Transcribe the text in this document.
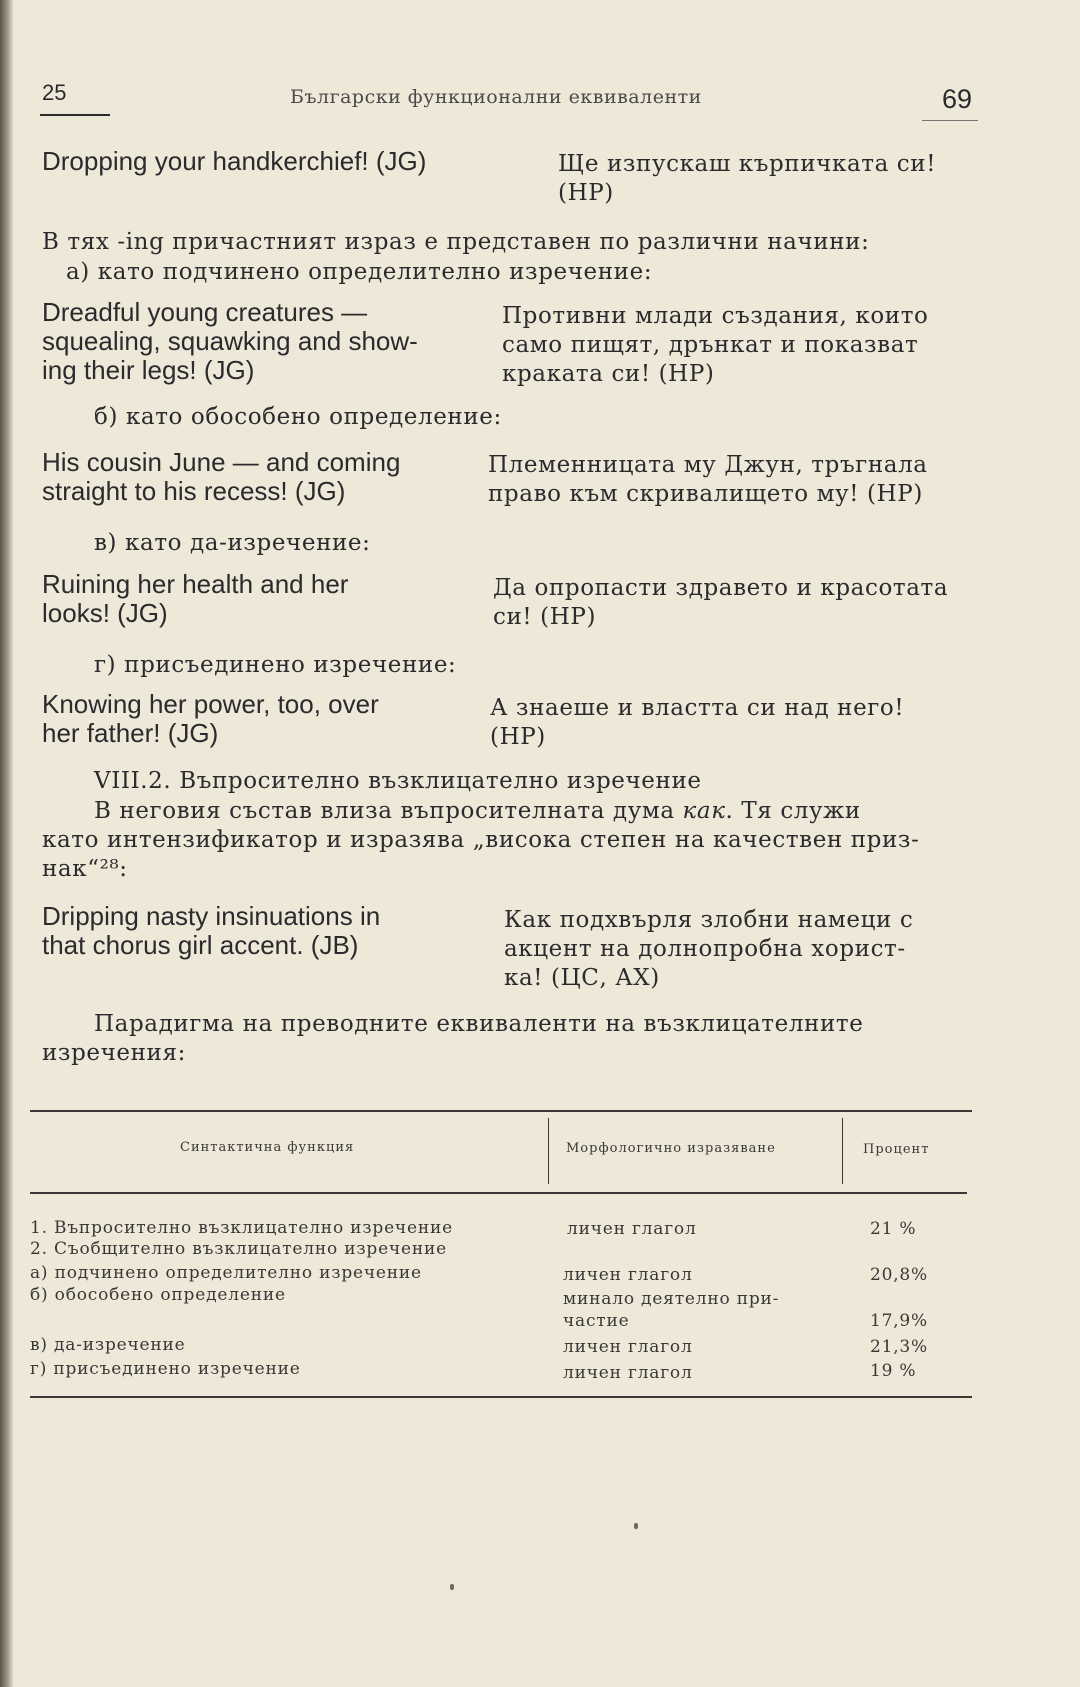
25	Български функционални еквиваленти	69
Dropping your handkerchief! (JG)	Ще изпускаш кърпичката си!
(НР)
В тях -ing причастният израз е представен по различни начини:
а) като подчинено определително изречение:
Dreadful young creatures —
squealing, squawking and show-
ing their legs! (JG)
Противни млади създания, които
само пищят, дрънкат и показват
краката си! (НР)
б) като обособено определение:
His cousin June — and coming
straight to his recess! (JG)
Племенницата му Джун, тръгнала
право към скривалището му! (НР)
в) като да-изречение:
Ruining her health and her
looks! (JG)
Да опропасти здравето и красотата
си! (НР)
г) присъединено изречение:
Knowing her power, too, over
her father! (JG)
А знаеше и властта си над него!
(НР)
VIII.2. Въпросително възклицателно изречение
В неговия състав влиза въпросителната дума как. Тя служи
като интензификатор и изразява „висока степен на качествен приз-
нак“²⁸:
Dripping nasty insinuations in
that chorus girl accent. (JB)
Как подхвърля злобни намеци с
акцент на долнопробна хорист-
ка! (ЦС, АХ)
Парадигма на преводните еквиваленти на възклицателните
изречения:
Синтактична функция	Морфологично изразяване	Процент
1. Въпросително възклицателно изречение	личен глагол	21 %
2. Съобщително възклицателно изречение
а) подчинено определително изречение	личен глагол	20,8%
б) обособено определение	минало деятелно при-
частие	17,9%
в) да-изречение	личен глагол	21,3%
г) присъединено изречение	личен глагол	19 %
